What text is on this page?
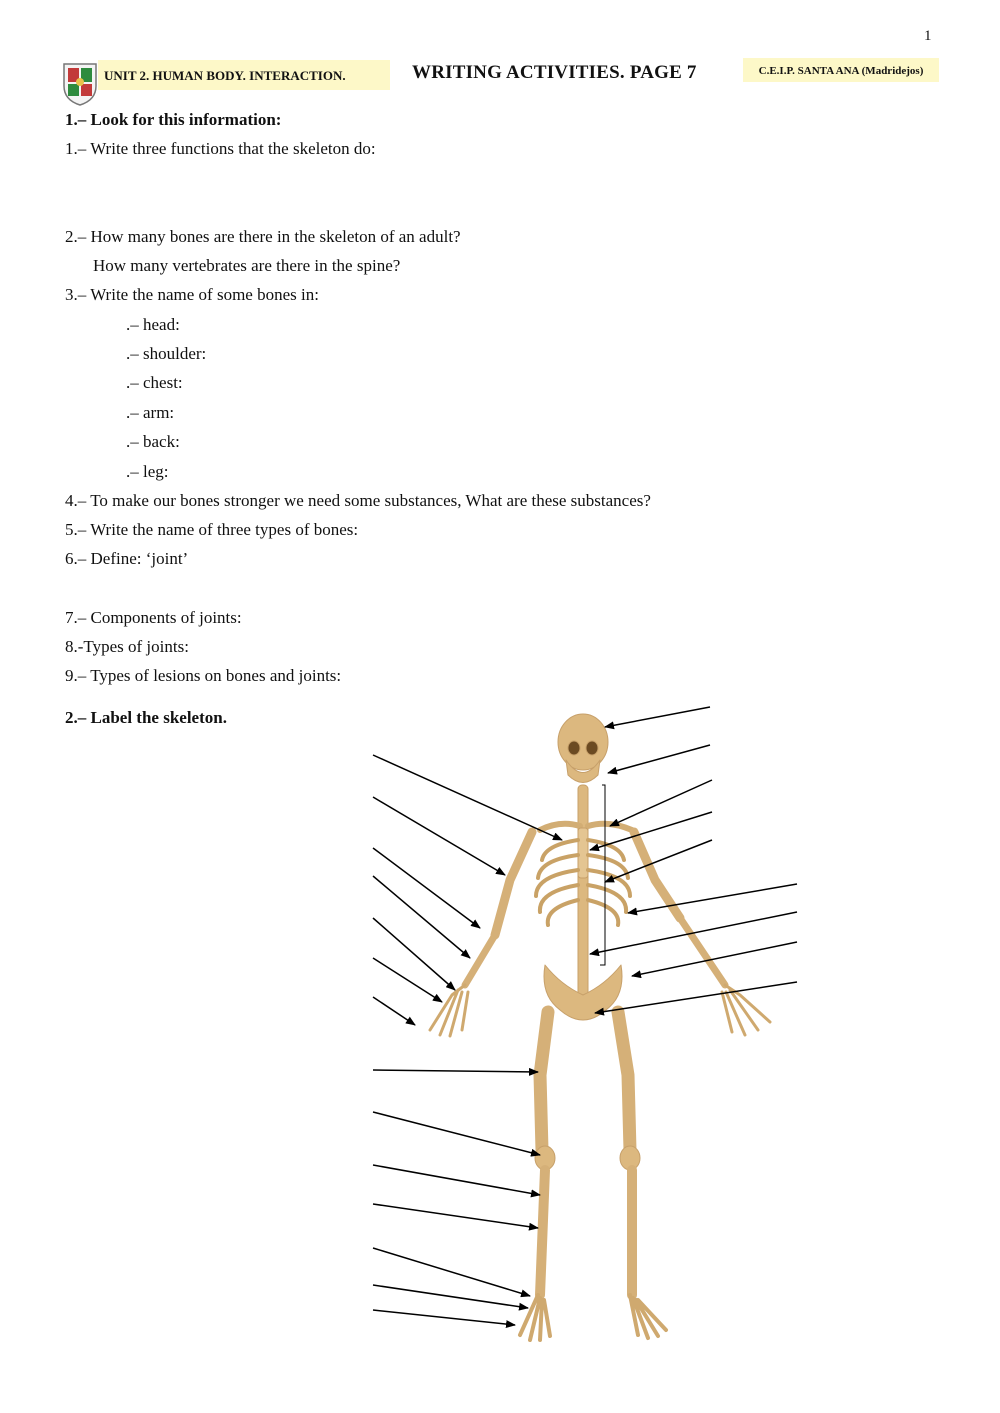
1
UNIT 2. HUMAN BODY. INTERACTION.	WRITING ACTIVITIES. PAGE 7	C.E.I.P. SANTA ANA (Madridejos)
1.– Look for this information:
1.– Write three functions that the skeleton do:
2.– How many bones are there in the skeleton of an adult?
How many vertebrates are there in the spine?
3.– Write the name of some bones in:
.– head:
.– shoulder:
.– chest:
.– arm:
.– back:
.– leg:
4.– To make our bones stronger we need some substances, What are these substances?
5.– Write the name of three types of bones:
6.– Define: ‘joint’
7.– Components of joints:
8.-Types of joints:
9.– Types of lesions on bones and joints:
2.– Label the skeleton.
